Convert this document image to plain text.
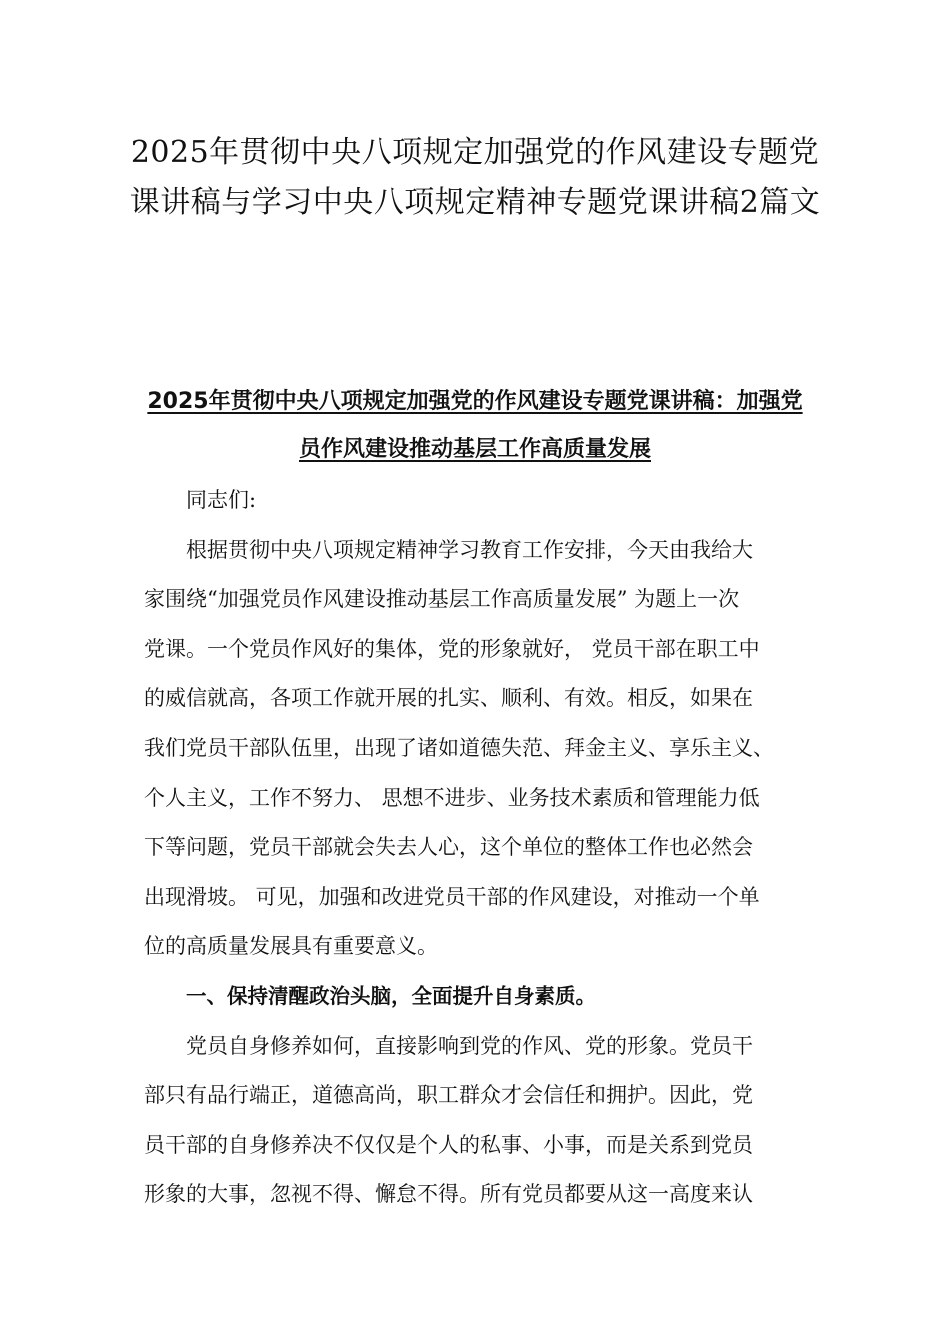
2025年贯彻中央八项规定加强党的作风建设专题党
课讲稿与学习中央八项规定精神专题党课讲稿2篇文
2025年贯彻中央八项规定加强党的作风建设专题党课讲稿：加强党
员作风建设推动基层工作高质量发展
同志们:
根据贯彻中央八项规定精神学习教育工作安排，今天由我给大
家围绕“加强党员作风建设推动基层工作高质量发展” 为题上一次
党课。一个党员作风好的集体，党的形象就好， 党员干部在职工中
的威信就高，各项工作就开展的扎实、顺利、有效。相反，如果在
我们党员干部队伍里，出现了诸如道德失范、拜金主义、享乐主义、
个人主义，工作不努力、 思想不进步、业务技术素质和管理能力低
下等问题，党员干部就会失去人心，这个单位的整体工作也必然会
出现滑坡。 可见，加强和改进党员干部的作风建设，对推动一个单
位的高质量发展具有重要意义。
一、保持清醒政治头脑，全面提升自身素质。
党员自身修养如何，直接影响到党的作风、党的形象。党员干
部只有品行端正，道德高尚，职工群众才会信任和拥护。因此，党
员干部的自身修养决不仅仅是个人的私事、小事，而是关系到党员
形象的大事，忽视不得、懈怠不得。所有党员都要从这一高度来认
